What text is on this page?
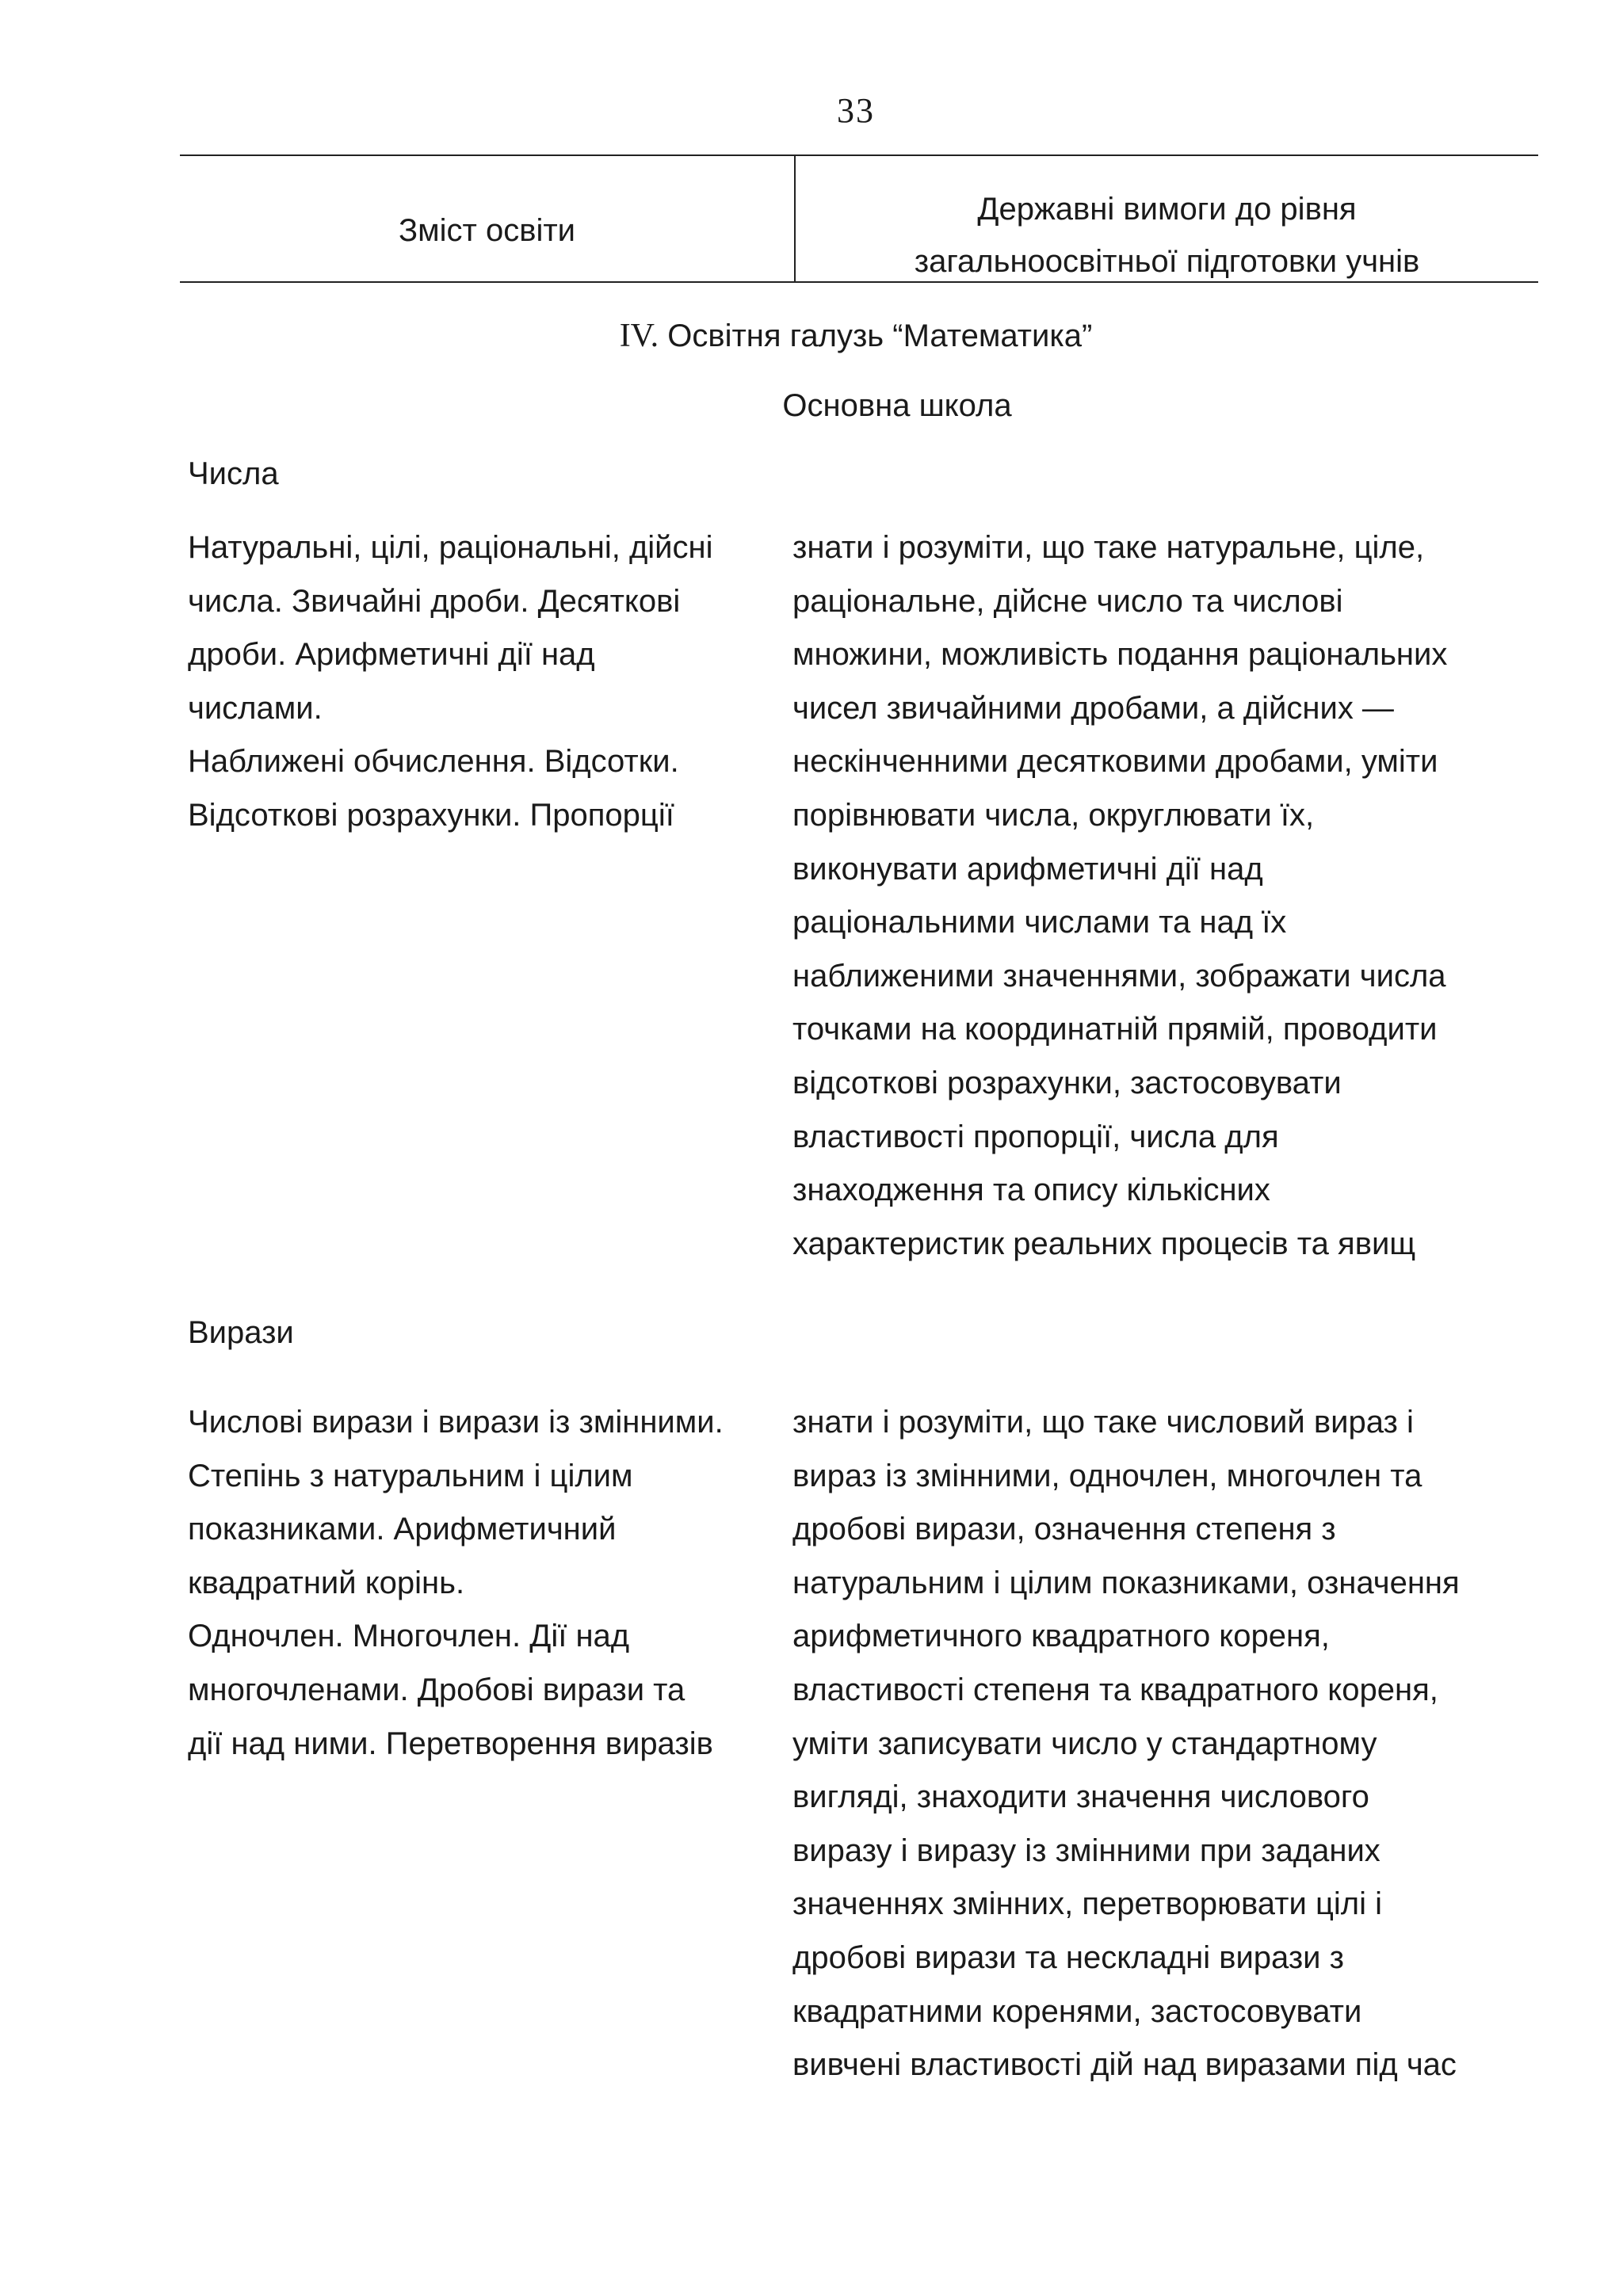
33
Зміст освіти
Державні вимоги до рівня
загальноосвітньої підготовки учнів
IV. Освітня галузь “Математика”
Основна школа
Числа
Натуральні, цілі, раціональні, дійсні
числа. Звичайні дроби. Десяткові
дроби. Арифметичні дії над
числами.
Наближені обчислення. Відсотки.
Відсоткові розрахунки. Пропорції
знати і розуміти, що таке натуральне, ціле,
раціональне, дійсне число та числові
множини, можливість подання раціональних
чисел звичайними дробами, а дійсних —
нескінченними десятковими дробами, уміти
порівнювати числа, округлювати їх,
виконувати арифметичні дії над
раціональними числами та над їх
наближеними значеннями, зображати числа
точками на координатній прямій, проводити
відсоткові розрахунки, застосовувати
властивості пропорції, числа для
знаходження та опису кількісних
характеристик реальних процесів та явищ
Вирази
Числові вирази і вирази із змінними.
Степінь з натуральним і цілим
показниками. Арифметичний
квадратний корінь.
Одночлен. Многочлен. Дії над
многочленами. Дробові вирази та
дії над ними. Перетворення виразів
знати і розуміти, що таке числовий вираз і
вираз із змінними, одночлен, многочлен та
дробові вирази, означення степеня з
натуральним і цілим показниками, означення
арифметичного квадратного кореня,
властивості степеня та квадратного кореня,
уміти записувати число у стандартному
вигляді, знаходити значення числового
виразу і виразу із змінними при заданих
значеннях змінних, перетворювати цілі і
дробові вирази та нескладні вирази з
квадратними коренями, застосовувати
вивчені властивості дій над виразами під час
